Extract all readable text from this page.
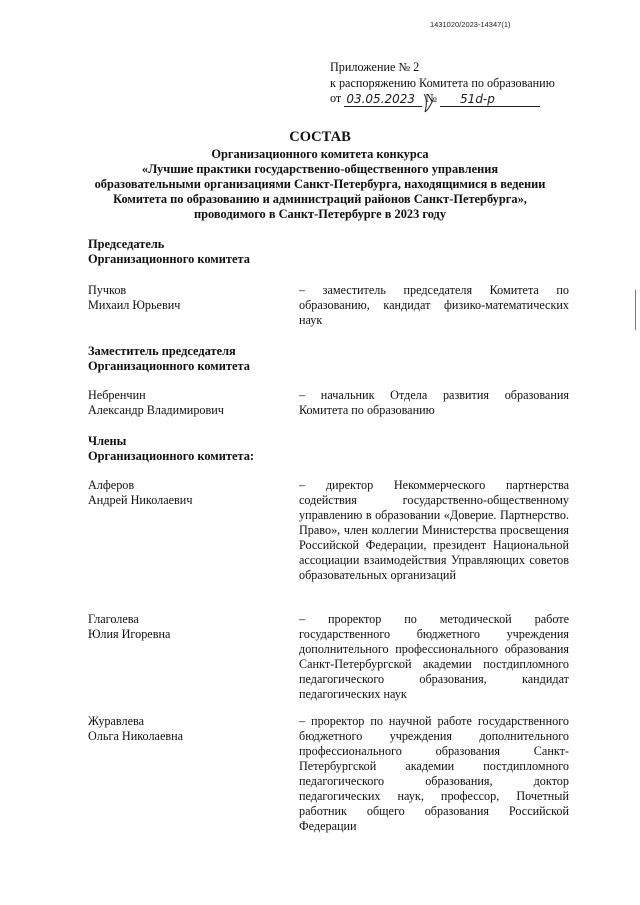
1431020/2023-14347(1)
Приложение № 2
к распоряжению Комитета по образованию
от 03.05.2023 № 51d-p
СОСТАВ
Организационного комитета конкурса
«Лучшие практики государственно-общественного управления
образовательными организациями Санкт-Петербурга, находящимися в ведении
Комитета по образованию и администраций районов Санкт-Петербурга»,
проводимого в Санкт-Петербурге в 2023 году
Председатель
Организационного комитета
Пучков
Михаил Юрьевич
– заместитель председателя Комитета по образованию, кандидат физико-математических наук
Заместитель председателя
Организационного комитета
Небренчин
Александр Владимирович
– начальник Отдела развития образования Комитета по образованию
Члены
Организационного комитета:
Алферов
Андрей Николаевич
– директор Некоммерческого партнерства содействия государственно-общественному управлению в образовании «Доверие. Партнерство. Право», член коллегии Министерства просвещения Российской Федерации, президент Национальной ассоциации взаимодействия Управляющих советов образовательных организаций
Глаголева
Юлия Игоревна
– проректор по методической работе государственного бюджетного учреждения дополнительного профессионального образования Санкт-Петербургской академии постдипломного педагогического образования, кандидат педагогических наук
Журавлева
Ольга Николаевна
– проректор по научной работе государственного бюджетного учреждения дополнительного профессионального образования Санкт-Петербургской академии постдипломного педагогического образования, доктор педагогических наук, профессор, Почетный работник общего образования Российской Федерации
